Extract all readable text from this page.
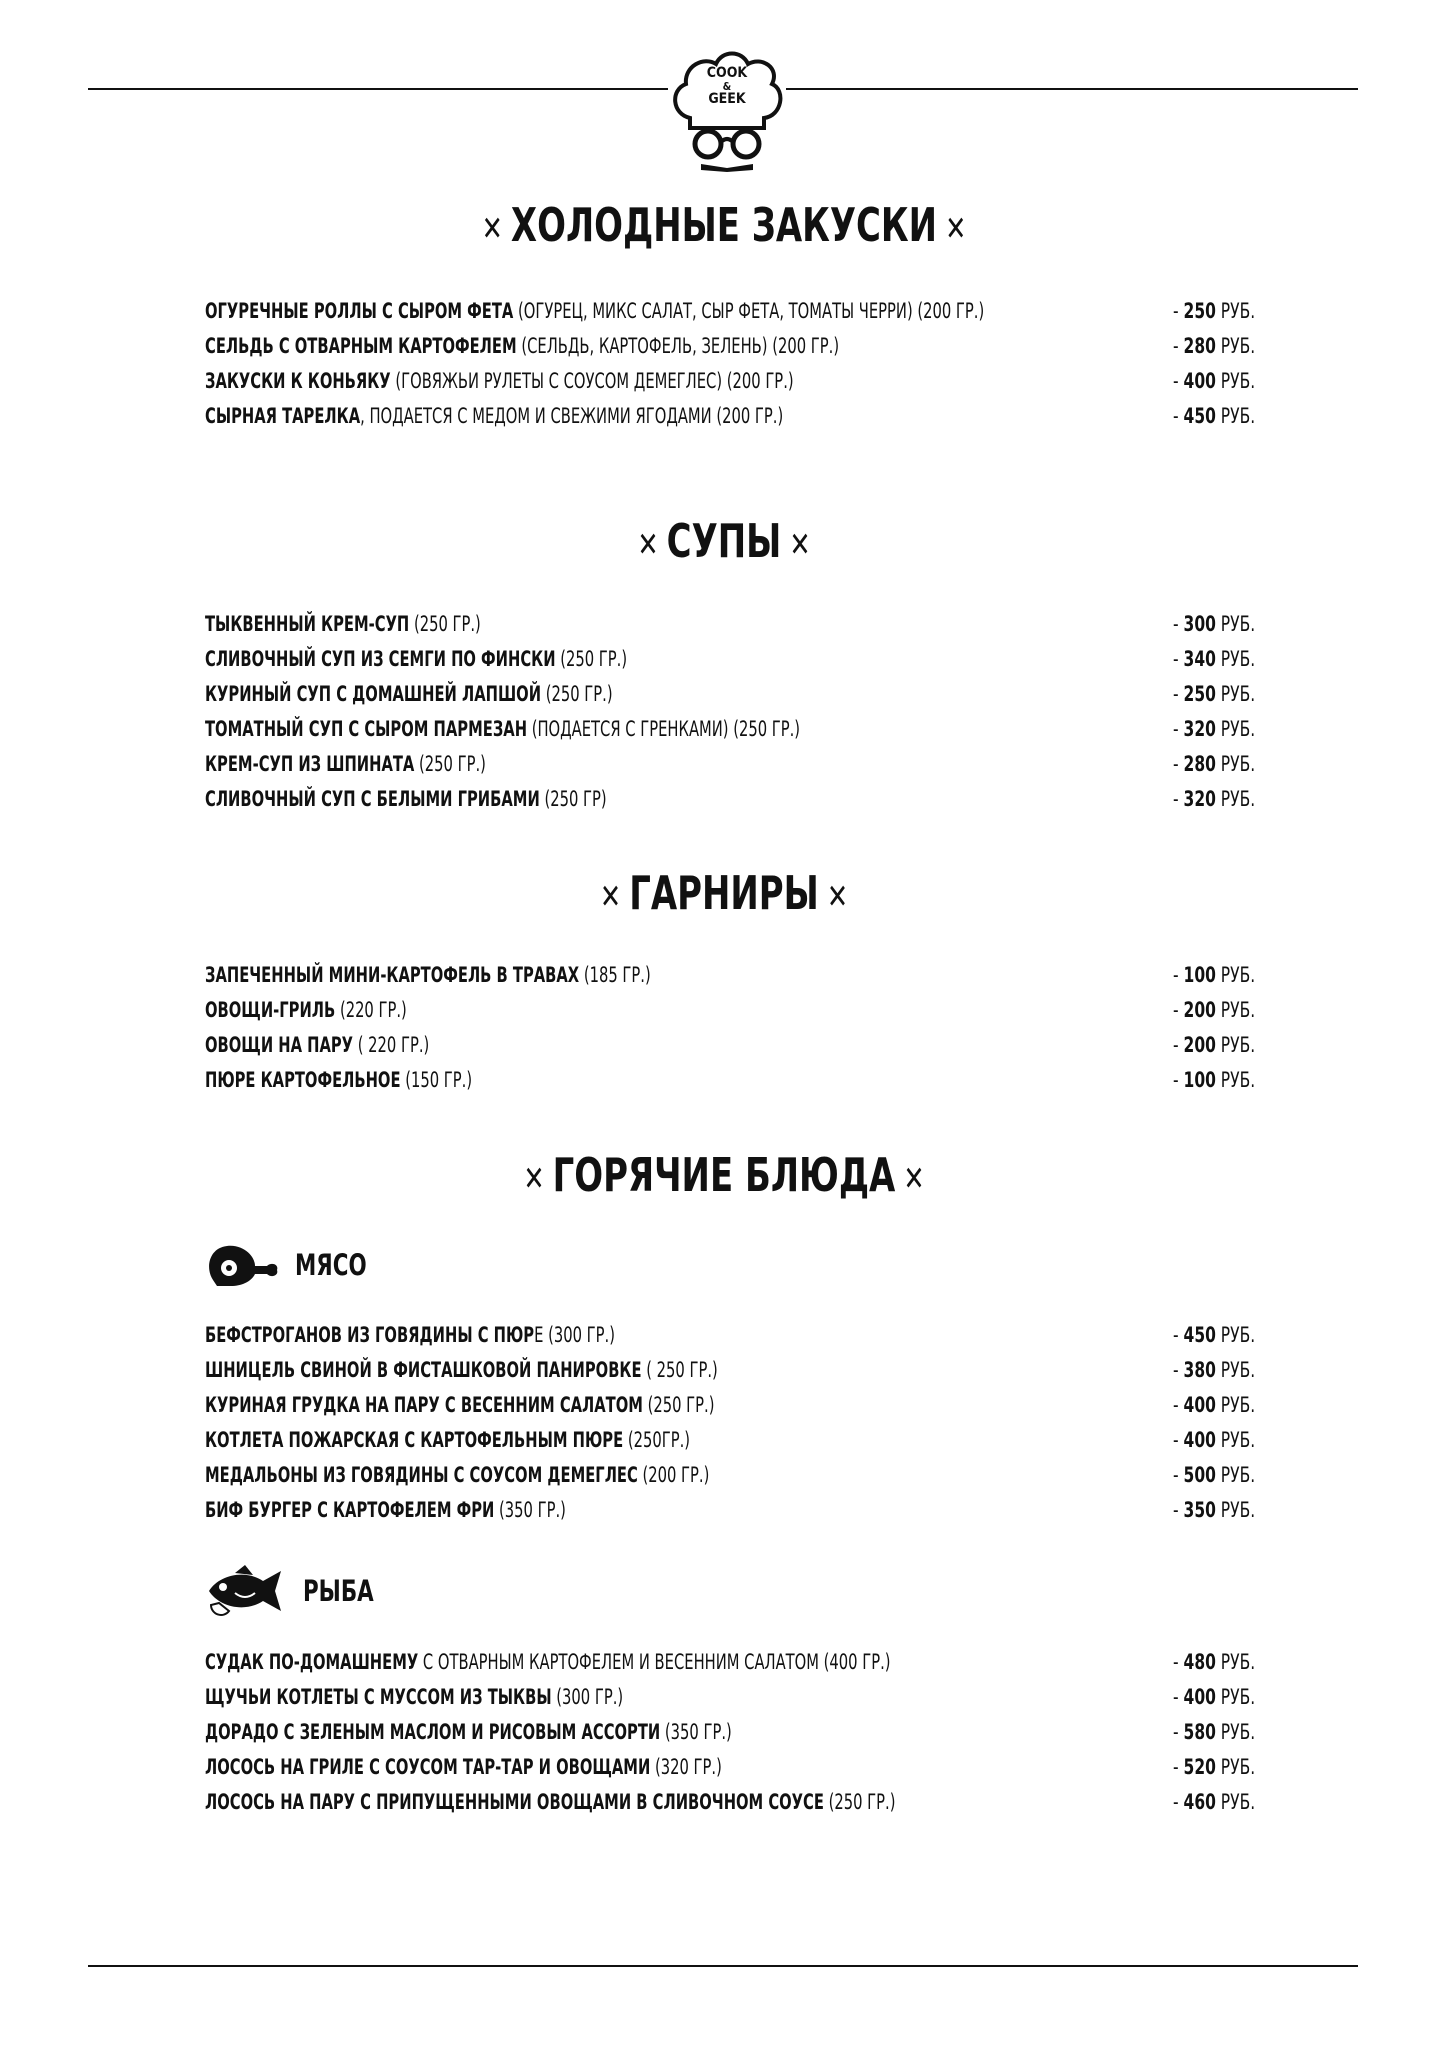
COOK
&
GEEK
✕ ХОЛОДНЫЕ ЗАКУСКИ ✕
ОГУРЕЧНЫЕ РОЛЛЫ С СЫРОМ ФЕТА (ОГУРЕЦ, МИКС САЛАТ, СЫР ФЕТА, ТОМАТЫ ЧЕРРИ) (200 ГР.)	- 250 РУБ.
СЕЛЬДЬ С ОТВАРНЫМ КАРТОФЕЛЕМ (СЕЛЬДЬ, КАРТОФЕЛЬ, ЗЕЛЕНЬ) (200 ГР.)	- 280 РУБ.
ЗАКУСКИ К КОНЬЯКУ (ГОВЯЖЬИ РУЛЕТЫ С СОУСОМ ДЕМЕГЛЕС) (200 ГР.)	- 400 РУБ.
СЫРНАЯ ТАРЕЛКА, ПОДАЕТСЯ С МЕДОМ И СВЕЖИМИ ЯГОДАМИ (200 ГР.)	- 450 РУБ.
✕ СУПЫ ✕
ТЫКВЕННЫЙ КРЕМ-СУП (250 ГР.)	- 300 РУБ.
СЛИВОЧНЫЙ СУП ИЗ СЕМГИ ПО ФИНСКИ (250 ГР.)	- 340 РУБ.
КУРИНЫЙ СУП С ДОМАШНЕЙ ЛАПШОЙ (250 ГР.)	- 250 РУБ.
ТОМАТНЫЙ СУП С СЫРОМ ПАРМЕЗАН (ПОДАЕТСЯ С ГРЕНКАМИ) (250 ГР.)	- 320 РУБ.
КРЕМ-СУП ИЗ ШПИНАТА (250 ГР.)	- 280 РУБ.
СЛИВОЧНЫЙ СУП С БЕЛЫМИ ГРИБАМИ (250 ГР)	- 320 РУБ.
✕ ГАРНИРЫ ✕
ЗАПЕЧЕННЫЙ МИНИ-КАРТОФЕЛЬ В ТРАВАХ (185 ГР.)	- 100 РУБ.
ОВОЩИ-ГРИЛЬ (220 ГР.)	- 200 РУБ.
ОВОЩИ НА ПАРУ ( 220 ГР.)	- 200 РУБ.
ПЮРЕ КАРТОФЕЛЬНОЕ (150 ГР.)	- 100 РУБ.
✕ ГОРЯЧИЕ БЛЮДА ✕
МЯСО
БЕФСТРОГАНОВ ИЗ ГОВЯДИНЫ С ПЮРЕ (300 ГР.)	- 450 РУБ.
ШНИЦЕЛЬ СВИНОЙ В ФИСТАШКОВОЙ ПАНИРОВКЕ ( 250 ГР.)	- 380 РУБ.
КУРИНАЯ ГРУДКА НА ПАРУ С ВЕСЕННИМ САЛАТОМ (250 ГР.)	- 400 РУБ.
КОТЛЕТА ПОЖАРСКАЯ С КАРТОФЕЛЬНЫМ ПЮРЕ (250ГР.)	- 400 РУБ.
МЕДАЛЬОНЫ ИЗ ГОВЯДИНЫ С СОУСОМ ДЕМЕГЛЕС (200 ГР.)	- 500 РУБ.
БИФ БУРГЕР С КАРТОФЕЛЕМ ФРИ (350 ГР.)	- 350 РУБ.
РЫБА
СУДАК ПО-ДОМАШНЕМУ С ОТВАРНЫМ КАРТОФЕЛЕМ И ВЕСЕННИМ САЛАТОМ (400 ГР.)	- 480 РУБ.
ЩУЧЬИ КОТЛЕТЫ С МУССОМ ИЗ ТЫКВЫ (300 ГР.)	- 400 РУБ.
ДОРАДО С ЗЕЛЕНЫМ МАСЛОМ И РИСОВЫМ АССОРТИ (350 ГР.)	- 580 РУБ.
ЛОСОСЬ НА ГРИЛЕ С СОУСОМ ТАР-ТАР И ОВОЩАМИ (320 ГР.)	- 520 РУБ.
ЛОСОСЬ НА ПАРУ С ПРИПУЩЕННЫМИ ОВОЩАМИ В СЛИВОЧНОМ СОУСЕ (250 ГР.)	- 460 РУБ.
